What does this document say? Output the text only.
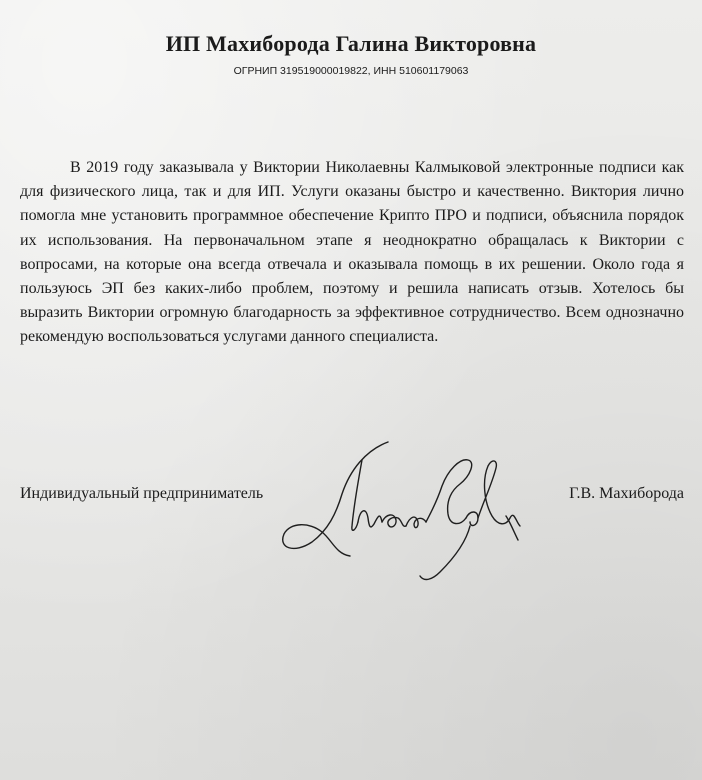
ИП Махиборода Галина Викторовна
ОГРНИП 319519000019822, ИНН 510601179063

В 2019 году заказывала у Виктории Николаевны Калмыковой электронные подписи как для физического лица, так и для ИП. Услуги оказаны быстро и качественно. Виктория лично помогла мне установить программное обеспечение Крипто ПРО и подписи, объяснила порядок их использования. На первоначальном этапе я неоднократно обращалась к Виктории с вопросами, на которые она всегда отвечала и оказывала помощь в их решении. Около года я пользуюсь ЭП без каких-либо проблем, поэтому и решила написать отзыв. Хотелось бы выразить Виктории огромную благодарность за эффективное сотрудничество. Всем однозначно рекомендую воспользоваться услугами данного специалиста.

Индивидуальный предприниматель	Г.В. Махиборода
